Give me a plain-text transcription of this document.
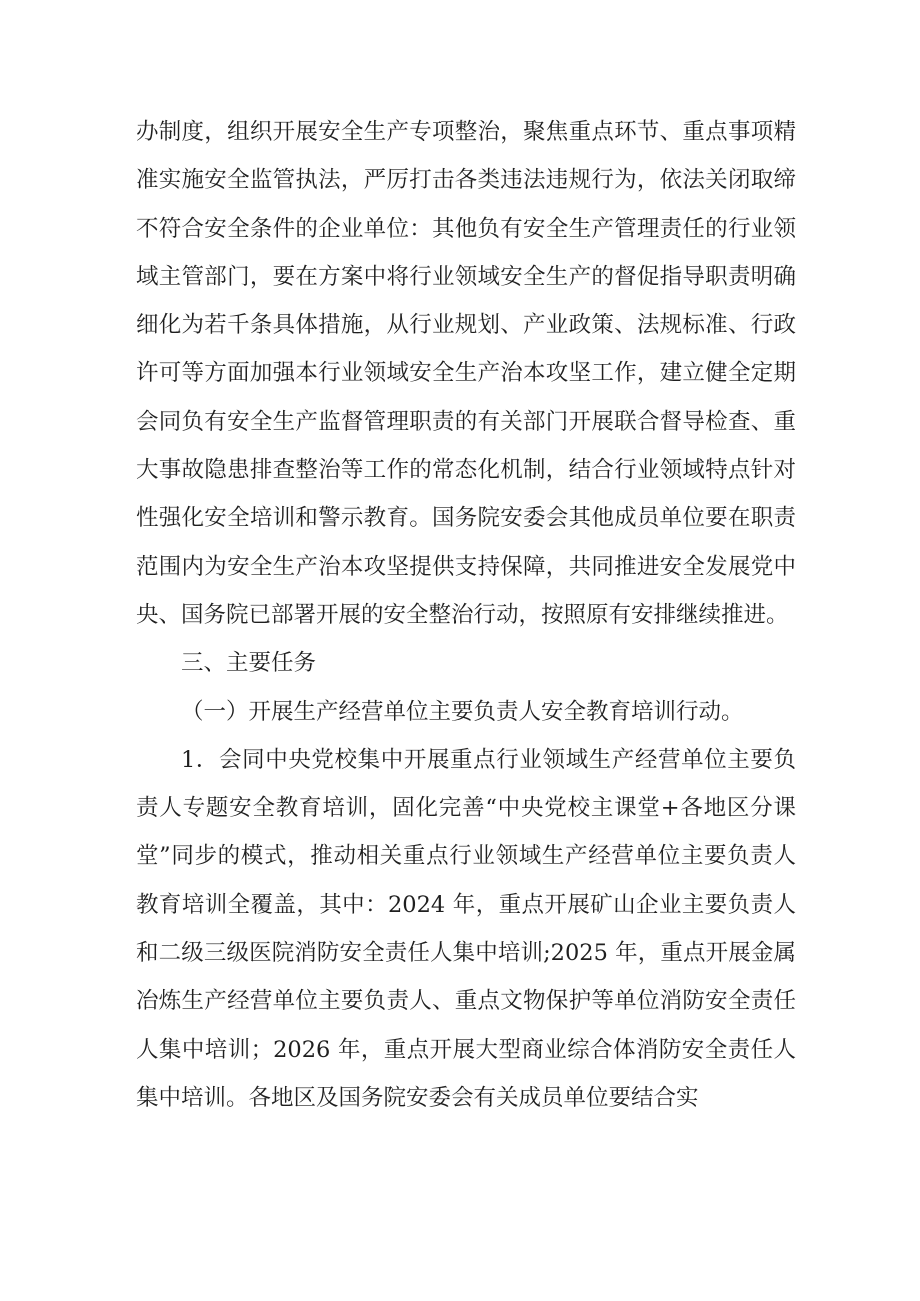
办制度，组织开展安全生产专项整治，聚焦重点环节、重点事项精准实施安全监管执法，严厉打击各类违法违规行为，依法关闭取缔不符合安全条件的企业单位：其他负有安全生产管理责任的行业领域主管部门，要在方案中将行业领域安全生产的督促指导职责明确细化为若千条具体措施，从行业规划、产业政策、法规标准、行政许可等方面加强本行业领域安全生产治本攻坚工作，建立健全定期会同负有安全生产监督管理职责的有关部门开展联合督导检查、重大事故隐患排查整治等工作的常态化机制，结合行业领域特点针对性强化安全培训和警示教育。国务院安委会其他成员单位要在职责范围内为安全生产治本攻坚提供支持保障，共同推进安全发展党中央、国务院已部署开展的安全整治行动，按照原有安排继续推进。

三、主要任务

（一）开展生产经营单位主要负责人安全教育培训行动。

1．会同中央党校集中开展重点行业领域生产经营单位主要负责人专题安全教育培训，固化完善“中央党校主课堂+各地区分课堂”同步的模式，推动相关重点行业领域生产经营单位主要负责人教育培训全覆盖，其中：2024 年，重点开展矿山企业主要负责人和二级三级医院消防安全责任人集中培训;2025 年，重点开展金属冶炼生产经营单位主要负责人、重点文物保护等单位消防安全责任人集中培训；2026 年，重点开展大型商业综合体消防安全责任人集中培训。各地区及国务院安委会有关成员单位要结合实
